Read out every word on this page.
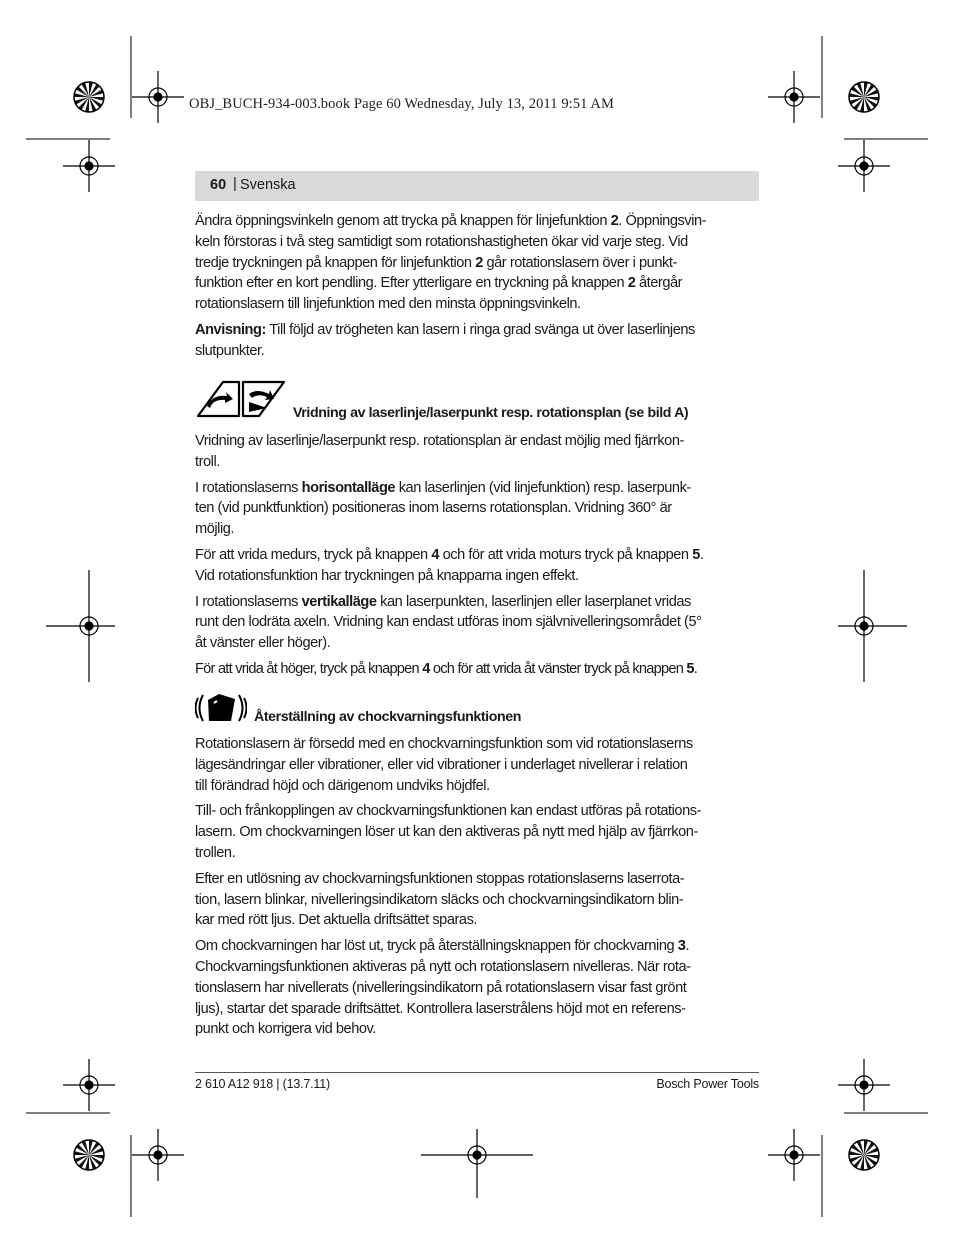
OBJ_BUCH-934-003.book Page 60 Wednesday, July 13, 2011 9:51 AM
60 | Svenska

Ändra öppningsvinkeln genom att trycka på knappen för linjefunktion 2. Öppningsvin-
keln förstoras i två steg samtidigt som rotationshastigheten ökar vid varje steg. Vid
tredje tryckningen på knappen för linjefunktion 2 går rotationslasern över i punkt-
funktion efter en kort pendling. Efter ytterligare en tryckning på knappen 2 återgår
rotationslasern till linjefunktion med den minsta öppningsvinkeln.

Anvisning: Till följd av trögheten kan lasern i ringa grad svänga ut över laserlinjens
slutpunkter.

Vridning av laserlinje/laserpunkt resp. rotationsplan (se bild A)

Vridning av laserlinje/laserpunkt resp. rotationsplan är endast möjlig med fjärrkon-
troll.

I rotationslaserns horisontalläge kan laserlinjen (vid linjefunktion) resp. laserpunk-
ten (vid punktfunktion) positioneras inom laserns rotationsplan. Vridning 360° är
möjlig.

För att vrida medurs, tryck på knappen 4 och för att vrida moturs tryck på knappen 5.
Vid rotationsfunktion har tryckningen på knapparna ingen effekt.

I rotationslaserns vertikalläge kan laserpunkten, laserlinjen eller laserplanet vridas
runt den lodräta axeln. Vridning kan endast utföras inom självnivelleringsområdet (5°
åt vänster eller höger).

För att vrida åt höger, tryck på knappen 4 och för att vrida åt vänster tryck på knappen 5.

Återställning av chockvarningsfunktionen

Rotationslasern är försedd med en chockvarningsfunktion som vid rotationslaserns
lägesändringar eller vibrationer, eller vid vibrationer i underlaget nivellerar i relation
till förändrad höjd och därigenom undviks höjdfel.

Till- och frånkopplingen av chockvarningsfunktionen kan endast utföras på rotations-
lasern. Om chockvarningen löser ut kan den aktiveras på nytt med hjälp av fjärrkon-
trollen.

Efter en utlösning av chockvarningsfunktionen stoppas rotationslaserns laserrota-
tion, lasern blinkar, nivelleringsindikatorn släcks och chockvarningsindikatorn blin-
kar med rött ljus. Det aktuella driftsättet sparas.

Om chockvarningen har löst ut, tryck på återställningsknappen för chockvarning 3.
Chockvarningsfunktionen aktiveras på nytt och rotationslasern nivelleras. När rota-
tionslasern har nivellerats (nivelleringsindikatorn på rotationslasern visar fast grönt
ljus), startar det sparade driftsättet. Kontrollera laserstrålens höjd mot en referens-
punkt och korrigera vid behov.

2 610 A12 918 | (13.7.11)	Bosch Power Tools
